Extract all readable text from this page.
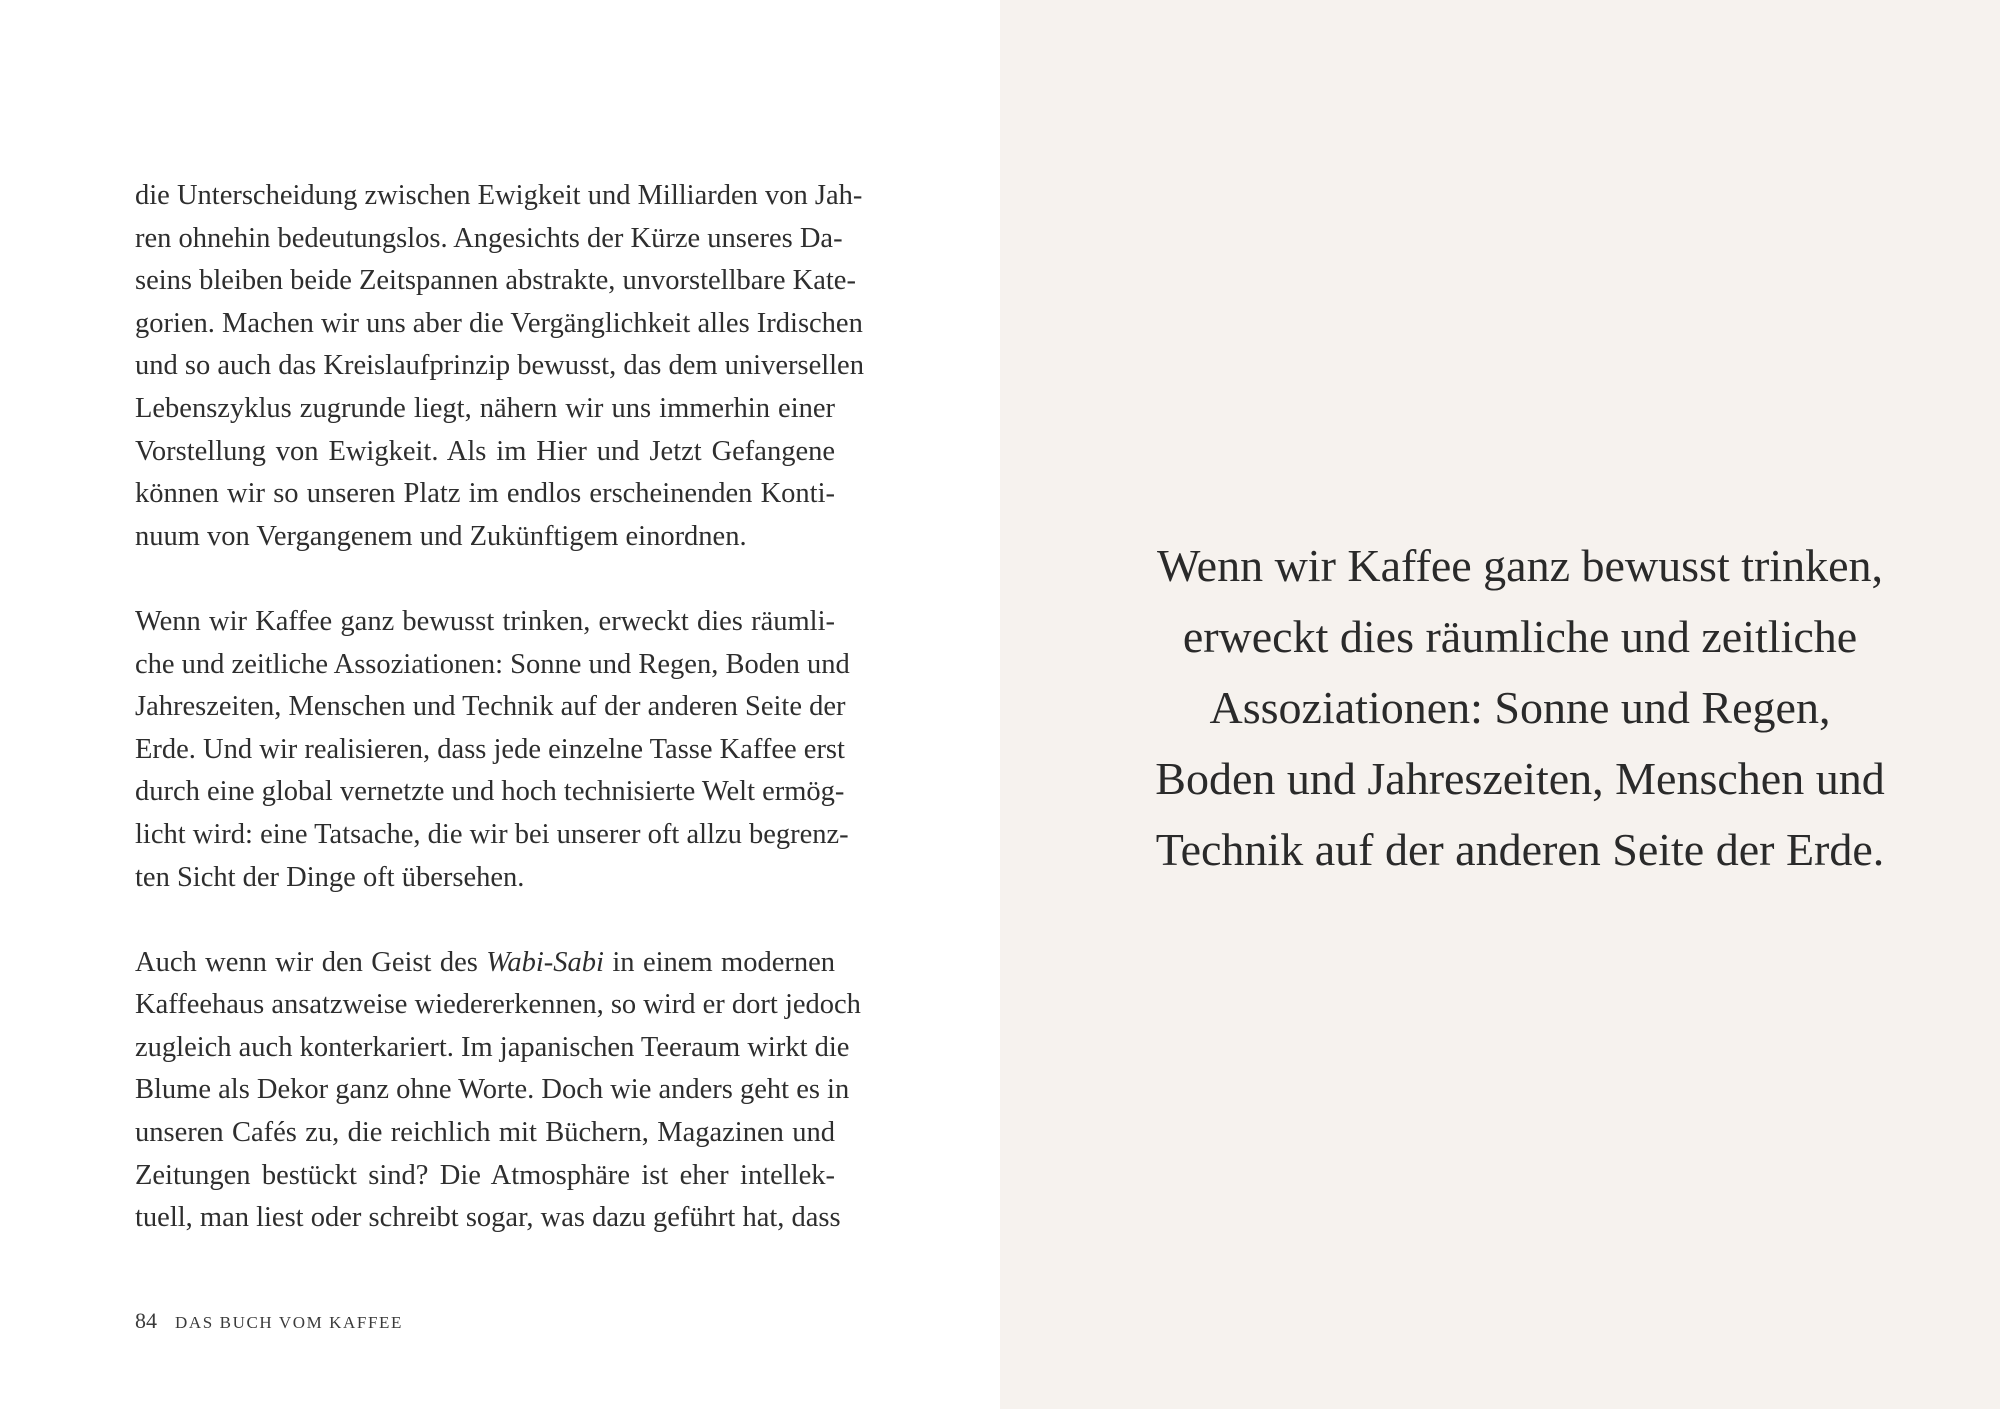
die Unterscheidung zwischen Ewigkeit und Milliarden von Jah-
ren ohnehin bedeutungslos. Angesichts der Kürze unseres Da-
seins bleiben beide Zeitspannen abstrakte, unvorstellbare Kate-
gorien. Machen wir uns aber die Vergänglichkeit alles Irdischen
und so auch das Kreislaufprinzip bewusst, das dem universellen
Lebenszyklus zugrunde liegt, nähern wir uns immerhin einer
Vorstellung von Ewigkeit. Als im Hier und Jetzt Gefangene
können wir so unseren Platz im endlos erscheinenden Konti-
nuum von Vergangenem und Zukünftigem einordnen.

Wenn wir Kaffee ganz bewusst trinken, erweckt dies räumli-
che und zeitliche Assoziationen: Sonne und Regen, Boden und
Jahreszeiten, Menschen und Technik auf der anderen Seite der
Erde. Und wir realisieren, dass jede einzelne Tasse Kaffee erst
durch eine global vernetzte und hoch technisierte Welt ermög-
licht wird: eine Tatsache, die wir bei unserer oft allzu begrenz-
ten Sicht der Dinge oft übersehen.

Auch wenn wir den Geist des Wabi-Sabi in einem modernen
Kaffeehaus ansatzweise wiedererkennen, so wird er dort jedoch
zugleich auch konterkariert. Im japanischen Teeraum wirkt die
Blume als Dekor ganz ohne Worte. Doch wie anders geht es in
unseren Cafés zu, die reichlich mit Büchern, Magazinen und
Zeitungen bestückt sind? Die Atmosphäre ist eher intellek-
tuell, man liest oder schreibt sogar, was dazu geführt hat, dass

84 DAS BUCH VOM KAFFEE
Wenn wir Kaffee ganz bewusst trinken,
erweckt dies räumliche und zeitliche
Assoziationen: Sonne und Regen,
Boden und Jahreszeiten, Menschen und
Technik auf der anderen Seite der Erde.
